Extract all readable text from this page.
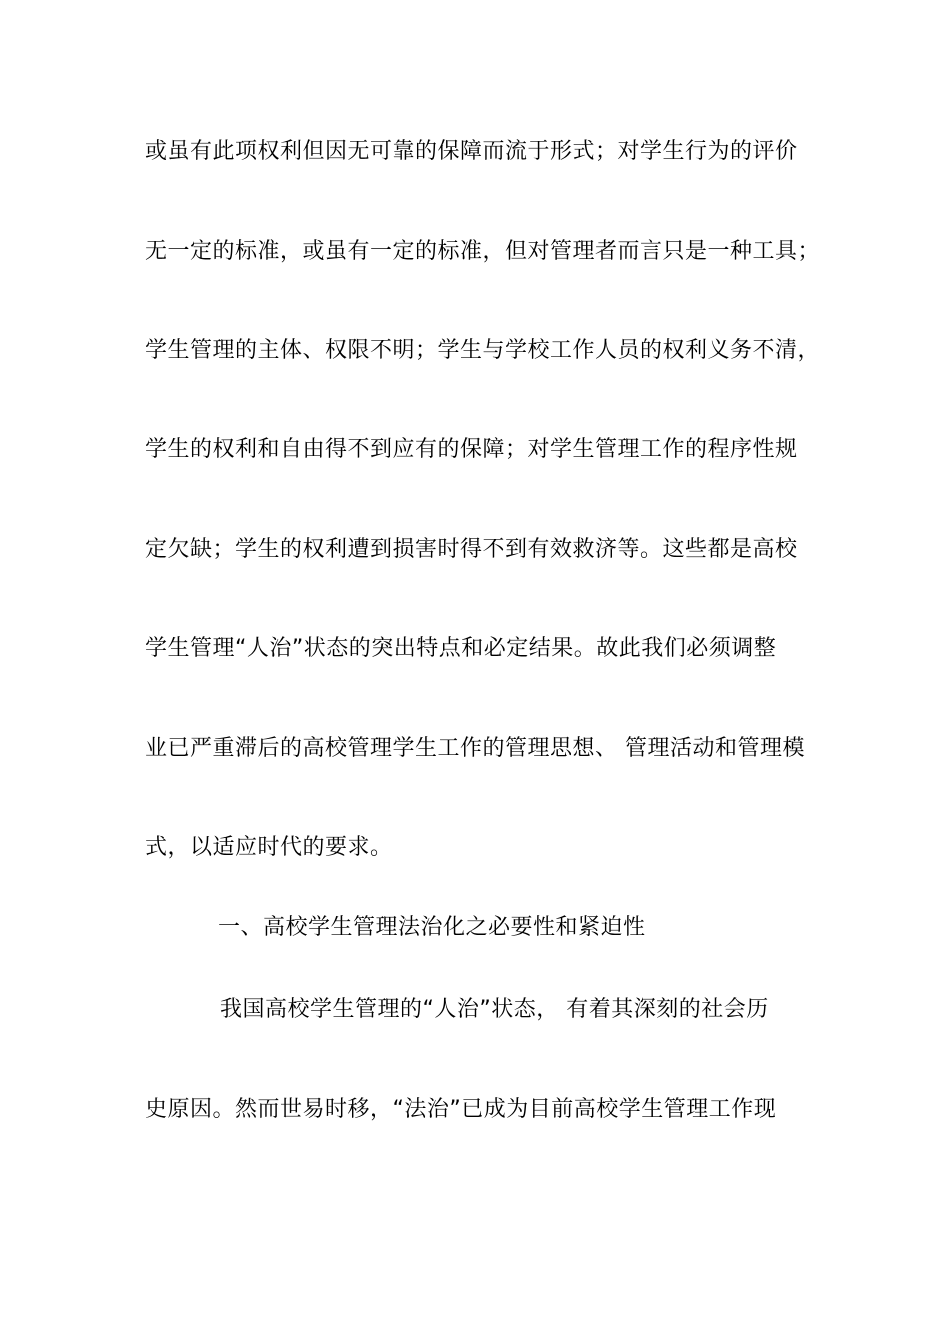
或虽有此项权利但因无可靠的保障而流于形式；对学生行为的评价
无一定的标准，或虽有一定的标准，但对管理者而言只是一种工具；
学生管理的主体、权限不明；学生与学校工作人员的权利义务不清，
学生的权利和自由得不到应有的保障；对学生管理工作的程序性规
定欠缺；学生的权利遭到损害时得不到有效救济等。这些都是高校
学生管理“人治”状态的突出特点和必定结果。故此我们必须调整
业已严重滞后的高校管理学生工作的管理思想、 管理活动和管理模
式，以适应时代的要求。
一、高校学生管理法治化之必要性和紧迫性
我国高校学生管理的“人治”状态， 有着其深刻的社会历
史原因。然而世易时移，“法治”已成为目前高校学生管理工作现
